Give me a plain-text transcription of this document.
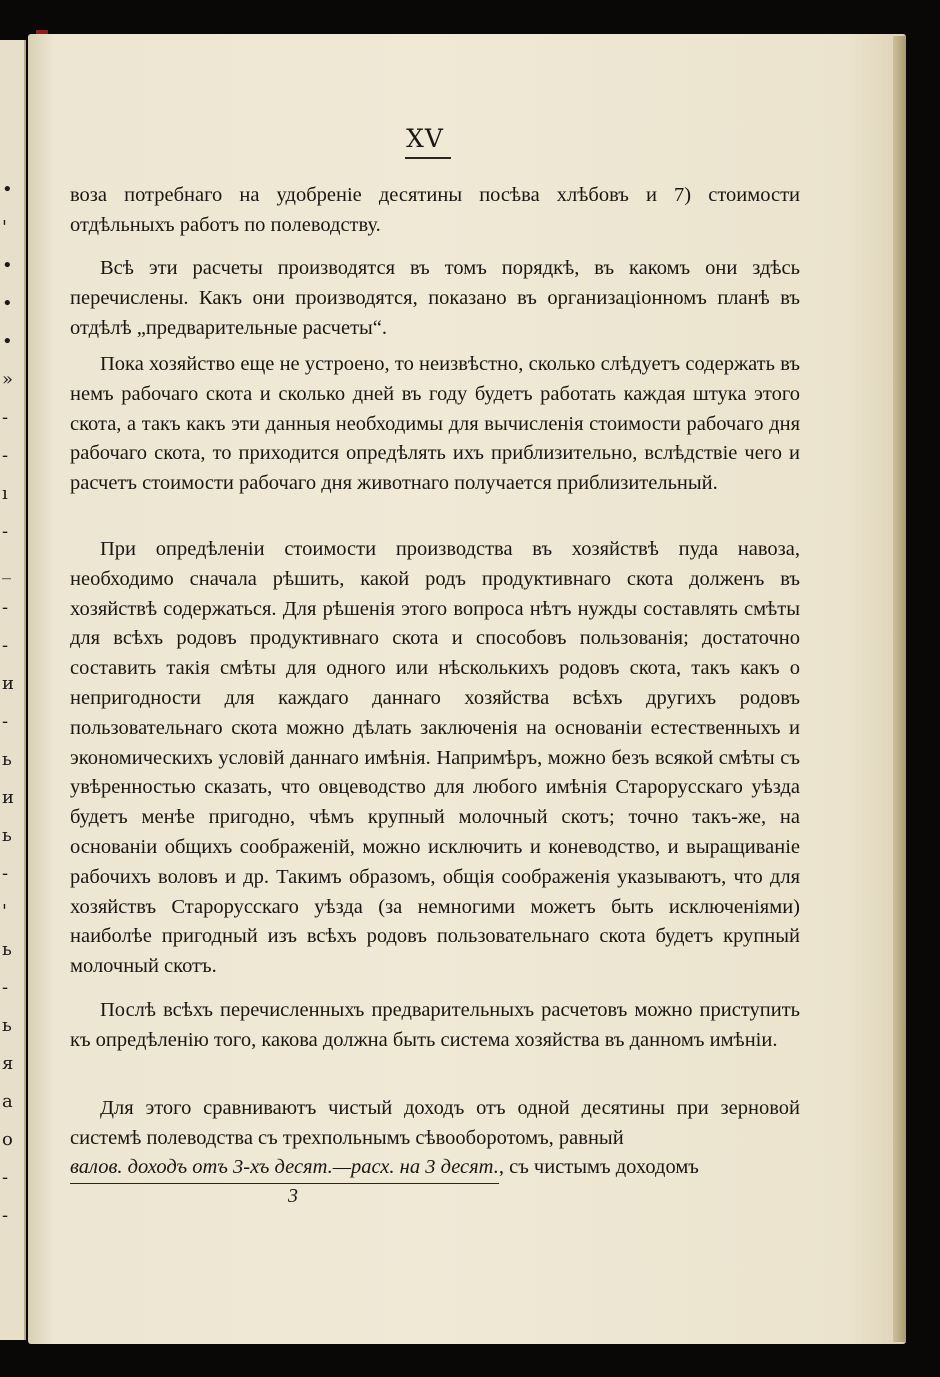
•
'
•
•
•
»
-
-
ı
-
_
-
-
и
-
ь
и
ь
-
'
ь
-
ь
я
а
о
-
-
XV

воза потребнаго на удобреніе десятины посѣва хлѣбовъ и 7) стоимости отдѣльныхъ работъ по полеводству.

Всѣ эти расчеты производятся въ томъ порядкѣ, въ какомъ они здѣсь перечислены. Какъ они производятся, показано въ организаціонномъ планѣ въ отдѣлѣ „предварительные расчеты“.

Пока хозяйство еще не устроено, то неизвѣстно, сколько слѣдуетъ содержать въ немъ рабочаго скота и сколько дней въ году будетъ работать каждая штука этого скота, а такъ какъ эти данныя необходимы для вычисленія стоимости рабочаго дня рабочаго скота, то приходится опредѣлять ихъ приблизительно, вслѣдствіе чего и расчетъ стоимости рабочаго дня животнаго получается приблизительный.

При опредѣленіи стоимости производства въ хозяйствѣ пуда навоза, необходимо сначала рѣшить, какой родъ продуктивнаго скота долженъ въ хозяйствѣ содержаться. Для рѣшенія этого вопроса нѣтъ нужды составлять смѣты для всѣхъ родовъ продуктивнаго скота и способовъ пользованія; достаточно составить такія смѣты для одного или нѣсколькихъ родовъ скота, такъ какъ о непригодности для каждаго даннаго хозяйства всѣхъ другихъ родовъ пользовательнаго скота можно дѣлать заключенія на основаніи естественныхъ и экономическихъ условій даннаго имѣнія. Напримѣръ, можно безъ всякой смѣты съ увѣренностью сказать, что овцеводство для любого имѣнія Старорусскаго уѣзда будетъ менѣе пригодно, чѣмъ крупный молочный скотъ; точно такъ-же, на основаніи общихъ соображеній, можно исключить и коневодство, и выращиваніе рабочихъ воловъ и др. Такимъ образомъ, общія соображенія указываютъ, что для хозяйствъ Старорусскаго уѣзда (за немногими можетъ быть исключеніями) наиболѣе пригодный изъ всѣхъ родовъ пользовательнаго скота будетъ крупный молочный скотъ.

Послѣ всѣхъ перечисленныхъ предварительныхъ расчетовъ можно приступить къ опредѣленію того, какова должна быть система хозяйства въ данномъ имѣніи.

Для этого сравниваютъ чистый доходъ отъ одной десятины при зерновой системѣ полеводства съ трехпольнымъ сѣвооборотомъ, равный

валов. доходъ отъ 3-хъ десят.—расх. на 3 десят., съ чистымъ доходомъ
3
